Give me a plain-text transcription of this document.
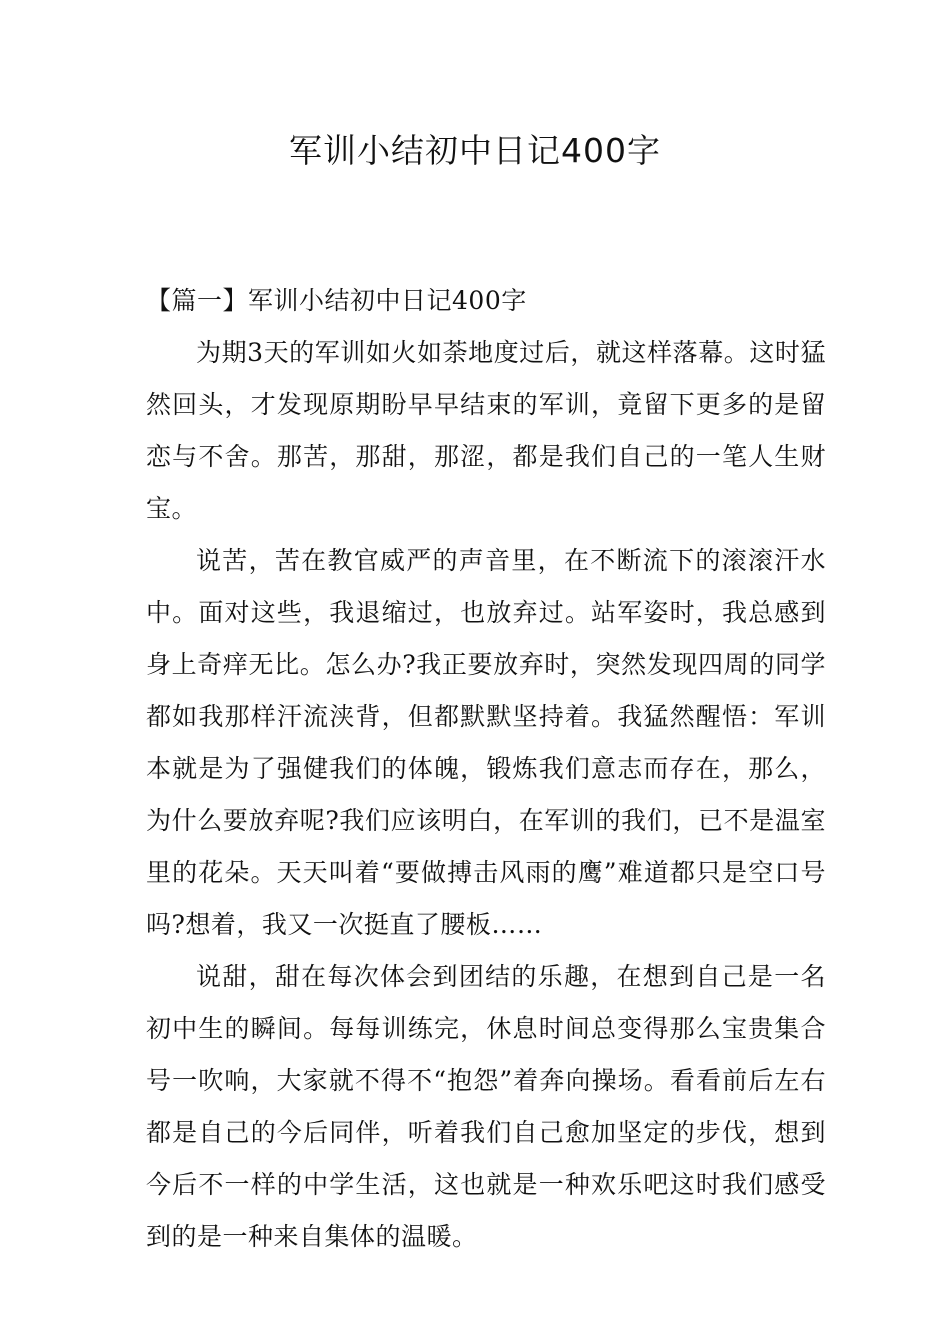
军训小结初中日记400字
【篇一】军训小结初中日记400字

为期3天的军训如火如荼地度过后，就这样落幕。这时猛然回头，才发现原期盼早早结束的军训，竟留下更多的是留恋与不舍。那苦，那甜，那涩，都是我们自己的一笔人生财宝。

说苦，苦在教官威严的声音里，在不断流下的滚滚汗水中。面对这些，我退缩过，也放弃过。站军姿时，我总感到身上奇痒无比。怎么办?我正要放弃时，突然发现四周的同学都如我那样汗流浃背，但都默默坚持着。我猛然醒悟：军训本就是为了强健我们的体魄，锻炼我们意志而存在，那么，为什么要放弃呢?我们应该明白，在军训的我们，已不是温室里的花朵。天天叫着“要做搏击风雨的鹰”难道都只是空口号吗?想着，我又一次挺直了腰板……

说甜，甜在每次体会到团结的乐趣，在想到自己是一名初中生的瞬间。每每训练完，休息时间总变得那么宝贵集合号一吹响，大家就不得不“抱怨”着奔向操场。看看前后左右都是自己的今后同伴，听着我们自己愈加坚定的步伐，想到今后不一样的中学生活，这也就是一种欢乐吧这时我们感受到的是一种来自集体的温暖。
